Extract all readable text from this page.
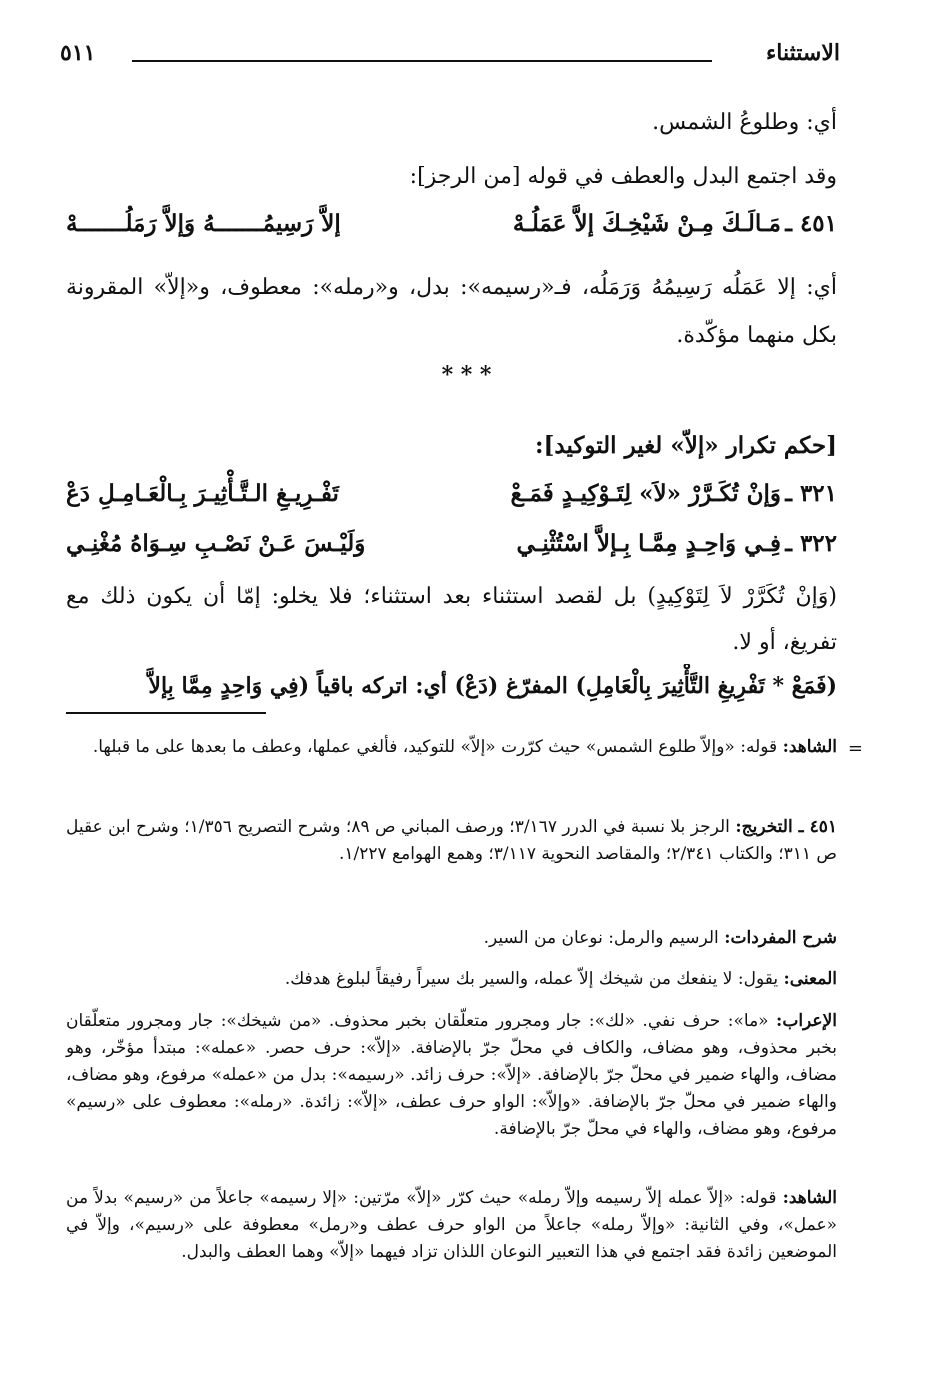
الاستثناء
٥١١
أي: وطلوعُ الشمس.
وقد اجتمع البدل والعطف في قوله [من الرجز]:
٤٥١ ـ
مَـالَـكَ مِـنْ شَيْخِـكَ إلاَّ عَمَلُـهْ
إلاَّ رَسِيمُـــــــهُ وَإلاَّ رَمَلُـــــــهْ
أي: إلا عَمَلُه رَسِيمُهُ وَرَمَلُه، فـ«رسيمه»: بدل، و«رمله»: معطوف، و«إلاّ» المقرونة بكل منهما مؤكّدة.
* * *
[حكم تكرار «إلاّ» لغير التوكيد]:
٣٢١ ـ
وَإنْ تُكَـرَّرْ «لاَ» لِتَـوْكِيـدٍ فَمَـعْ
تَفْـرِيـغِ الـتَّـأْثِيـرَ بِـالْعَـامِـلِ دَعْ
٣٢٢ ـ
فِـي وَاحِـدٍ مِمَّـا بِـإلاَّ اسْتُثْنِـي
وَلَيْـسَ عَـنْ نَصْـبِ سِـوَاهُ مُغْنِـي
(وَإنْ تُكَرَّرْ لاَ لِتَوْكِيدٍ) بل لقصد استثناء بعد استثناء؛ فلا يخلو: إمّا أن يكون ذلك مع تفريغ، أو لا.
(فَمَعْ * تَفْرِيغِ التَّأْثِيرَ بِالْعَامِلِ) المفرّغ (دَعْ) أي: اتركه باقياً (فِي وَاحِدٍ مِمَّا بِإلاَّ
=
الشاهد: قوله: «وإلاّ طلوع الشمس» حيث كرّرت «إلاّ» للتوكيد، فألغي عملها، وعطف ما بعدها على ما قبلها.
٤٥١ ـ التخريج: الرجز بلا نسبة في الدرر ٣/١٦٧؛ ورصف المباني ص ٨٩؛ وشرح التصريح ١/٣٥٦؛ وشرح ابن عقيل ص ٣١١؛ والكتاب ٢/٣٤١؛ والمقاصد النحوية ٣/١١٧؛ وهمع الهوامع ١/٢٢٧.
شرح المفردات: الرسيم والرمل: نوعان من السير.
المعنى: يقول: لا ينفعك من شيخك إلاّ عمله، والسير بك سيراً رفيقاً لبلوغ هدفك.
الإعراب: «ما»: حرف نفي. «لك»: جار ومجرور متعلّقان بخبر محذوف. «من شيخك»: جار ومجرور متعلّقان بخبر محذوف، وهو مضاف، والكاف في محلّ جرّ بالإضافة. «إلاّ»: حرف حصر. «عمله»: مبتدأ مؤخّر، وهو مضاف، والهاء ضمير في محلّ جرّ بالإضافة. «إلاّ»: حرف زائد. «رسيمه»: بدل من «عمله» مرفوع، وهو مضاف، والهاء ضمير في محلّ جرّ بالإضافة. «وإلاّ»: الواو حرف عطف، «إلاّ»: زائدة. «رمله»: معطوف على «رسيم» مرفوع، وهو مضاف، والهاء في محلّ جرّ بالإضافة.
الشاهد: قوله: «إلاّ عمله إلاّ رسيمه وإلاّ رمله» حيث كرّر «إلاّ» مرّتين: «إلا رسيمه» جاعلاً من «رسيم» بدلاً من «عمل»، وفي الثانية: «وإلاّ رمله» جاعلاً من الواو حرف عطف و«رمل» معطوفة على «رسيم»، وإلاّ في الموضعين زائدة فقد اجتمع في هذا التعبير النوعان اللذان تزاد فيهما «إلاّ» وهما العطف والبدل.
